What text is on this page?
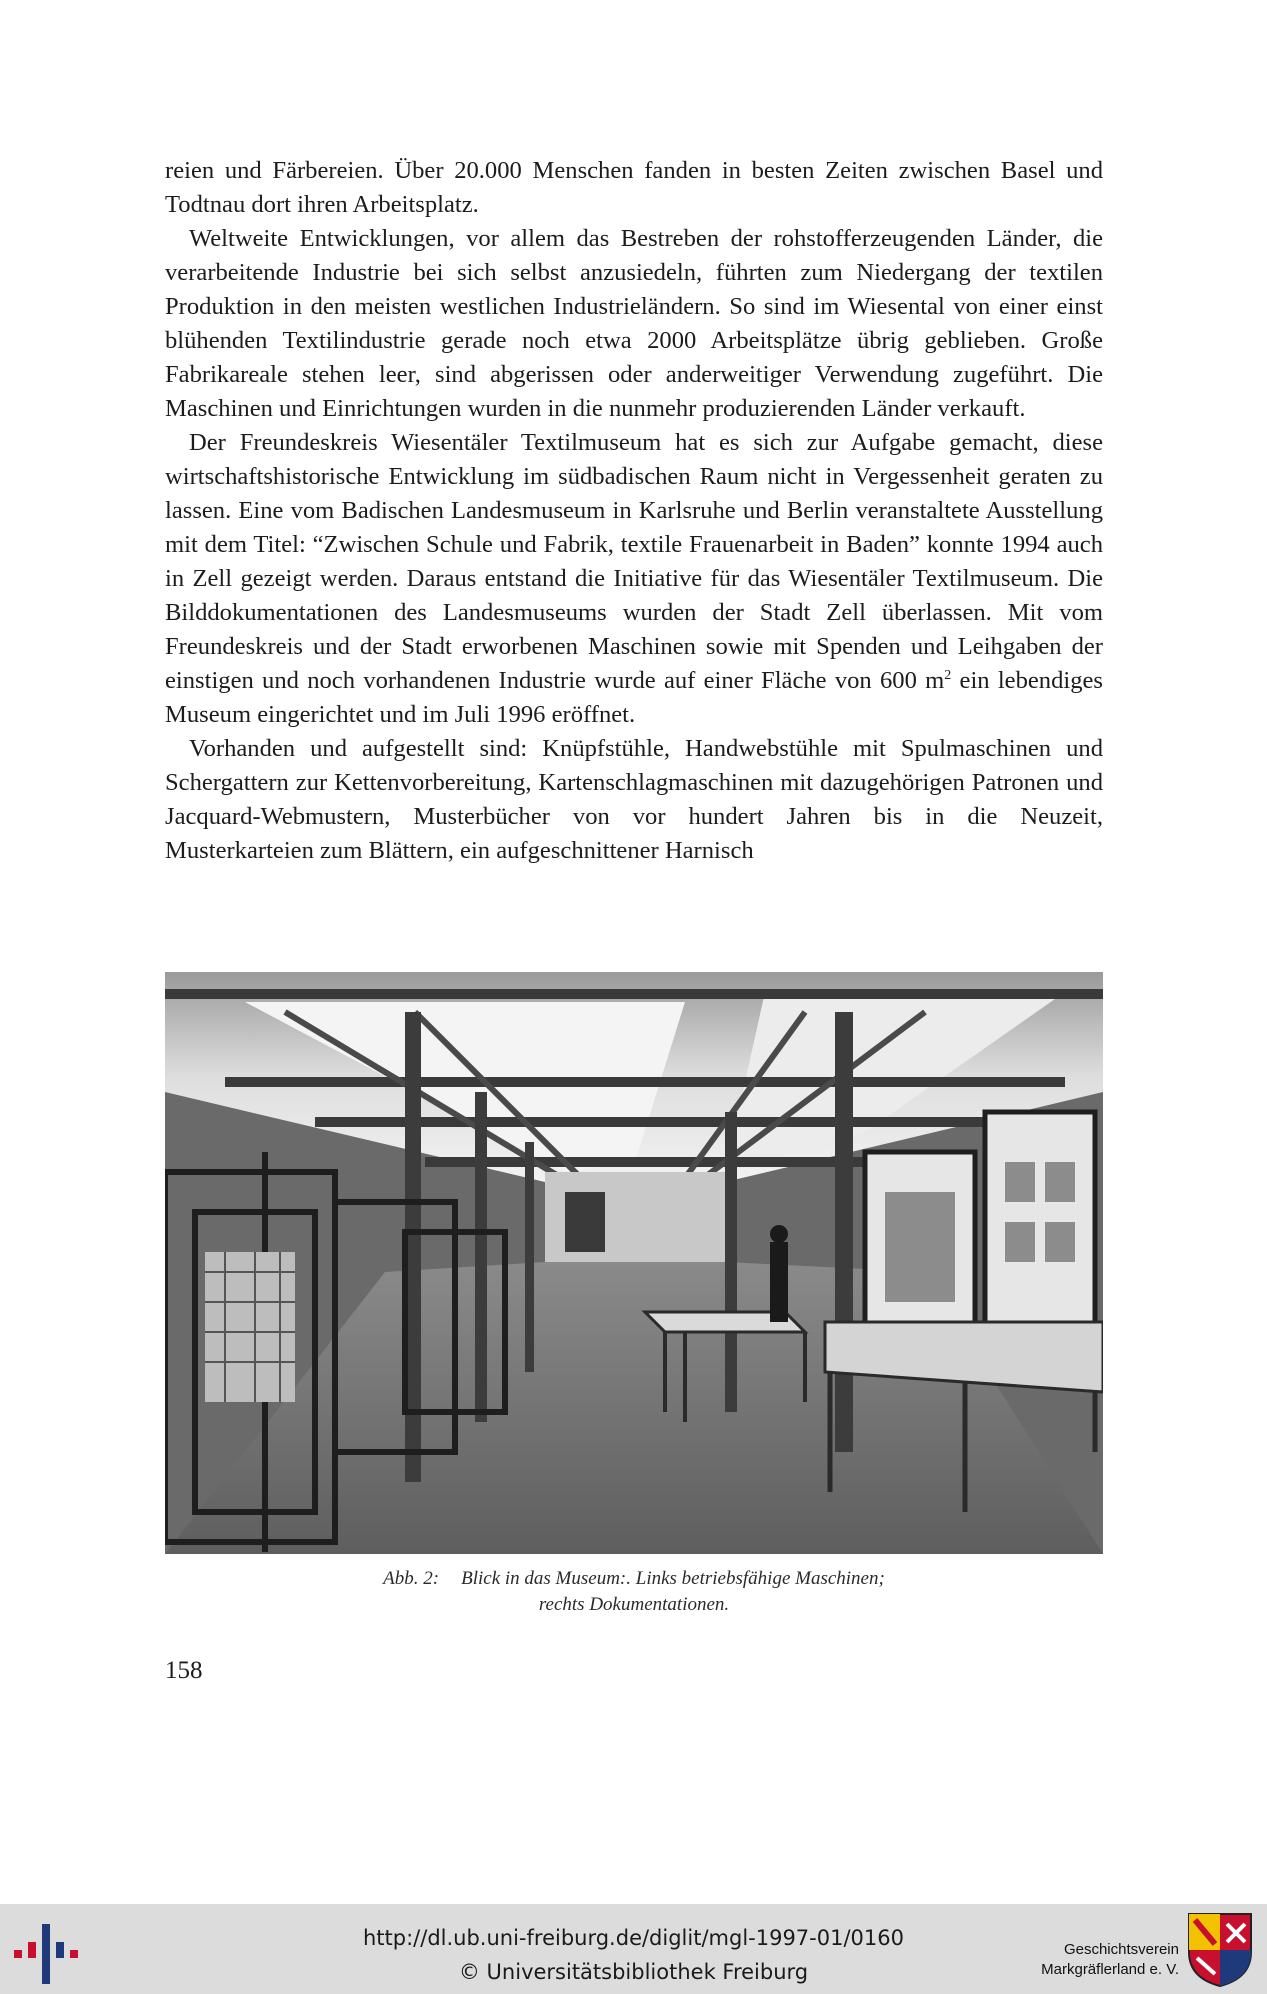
reien und Färbereien. Über 20.000 Menschen fanden in besten Zeiten zwischen Basel und Todtnau dort ihren Arbeitsplatz.

Weltweite Entwicklungen, vor allem das Bestreben der rohstofferzeugenden Länder, die verarbeitende Industrie bei sich selbst anzusiedeln, führten zum Niedergang der textilen Produktion in den meisten westlichen Industrieländern. So sind im Wiesental von einer einst blühenden Textilindustrie gerade noch etwa 2000 Arbeitsplätze übrig geblieben. Große Fabrikareale stehen leer, sind abgerissen oder anderweitiger Verwendung zugeführt. Die Maschinen und Einrichtungen wurden in die nunmehr produzierenden Länder verkauft.

Der Freundeskreis Wiesentäler Textilmuseum hat es sich zur Aufgabe gemacht, diese wirtschaftshistorische Entwicklung im südbadischen Raum nicht in Vergessenheit geraten zu lassen. Eine vom Badischen Landesmuseum in Karlsruhe und Berlin veranstaltete Ausstellung mit dem Titel: “Zwischen Schule und Fabrik, textile Frauenarbeit in Baden” konnte 1994 auch in Zell gezeigt werden. Daraus entstand die Initiative für das Wiesentäler Textilmuseum. Die Bilddokumentationen des Landesmuseums wurden der Stadt Zell überlassen. Mit vom Freundeskreis und der Stadt erworbenen Maschinen sowie mit Spenden und Leihgaben der einstigen und noch vorhandenen Industrie wurde auf einer Fläche von 600 $m^2$ ein lebendiges Museum eingerichtet und im Juli 1996 eröffnet.

Vorhanden und aufgestellt sind: Knüpfstühle, Handwebstühle mit Spulmaschinen und Schergattern zur Kettenvorbereitung, Kartenschlagmaschinen mit dazugehörigen Patronen und Jacquard-Webmustern, Musterbücher von vor hundert Jahren bis in die Neuzeit, Musterkarteien zum Blättern, ein aufgeschnittener Harnisch

Abb. 2: Blick in das Museum:. Links betriebsfähige Maschinen;
rechts Dokumentationen.
158
http://dl.ub.uni-freiburg.de/diglit/mgl-1997-01/0160
© Universitätsbibliothek Freiburg
Geschichtsverein
Markgräflerland e. V.
